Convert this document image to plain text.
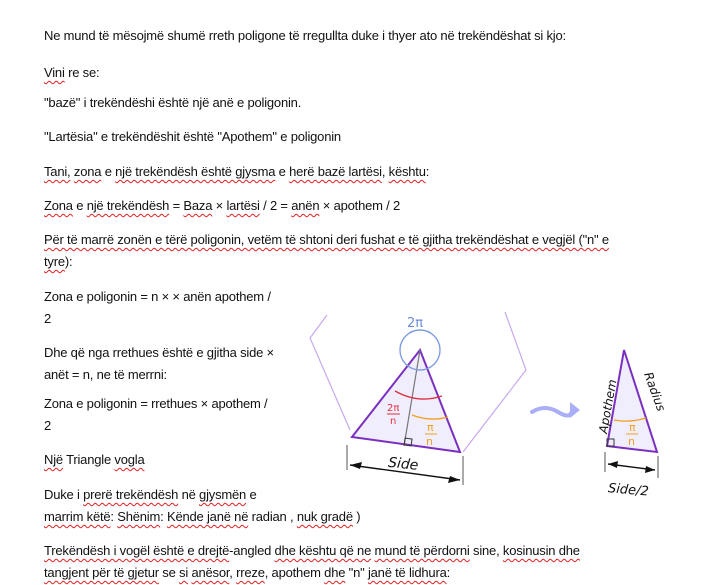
Ne mund të mësojmë shumë rreth poligone të rregullta duke i thyer ato në trekëndëshat si kjo:
Vini re se:
"bazë" i trekëndëshi është një anë e poligonin.
"Lartësia" e trekëndëshit është "Apothem" e poligonin
Tani, zona e një trekëndësh është gjysma e herë bazë lartësi, kështu:
Zona e një trekëndësh = Baza × lartësi / 2 = anën × apothem / 2
Për të marrë zonën e tërë poligonin, vetëm të shtoni deri fushat e të gjitha trekëndëshat e vegjël ("n" e
tyre):
Zona e poligonin = n × × anën apothem /
2
Dhe që nga rrethues është e gjitha side ×
anët = n, ne të merrni:
Zona e poligonin = rrethues × apothem /
2
Një Triangle vogla
Duke i prerë trekëndësh në gjysmën e
marrim këtë: Shënim: Kënde janë në radian , nuk gradë )
Trekëndësh i vogël është e drejtë-angled dhe kështu që ne mund të përdorni sine, kosinusin dhe
tangjent për të gjetur se si anësor, rreze, apothem dhe "n" janë të lidhura:
2π
2π
n	π
n
Side
Apothem Radius
π
n
Side/2
